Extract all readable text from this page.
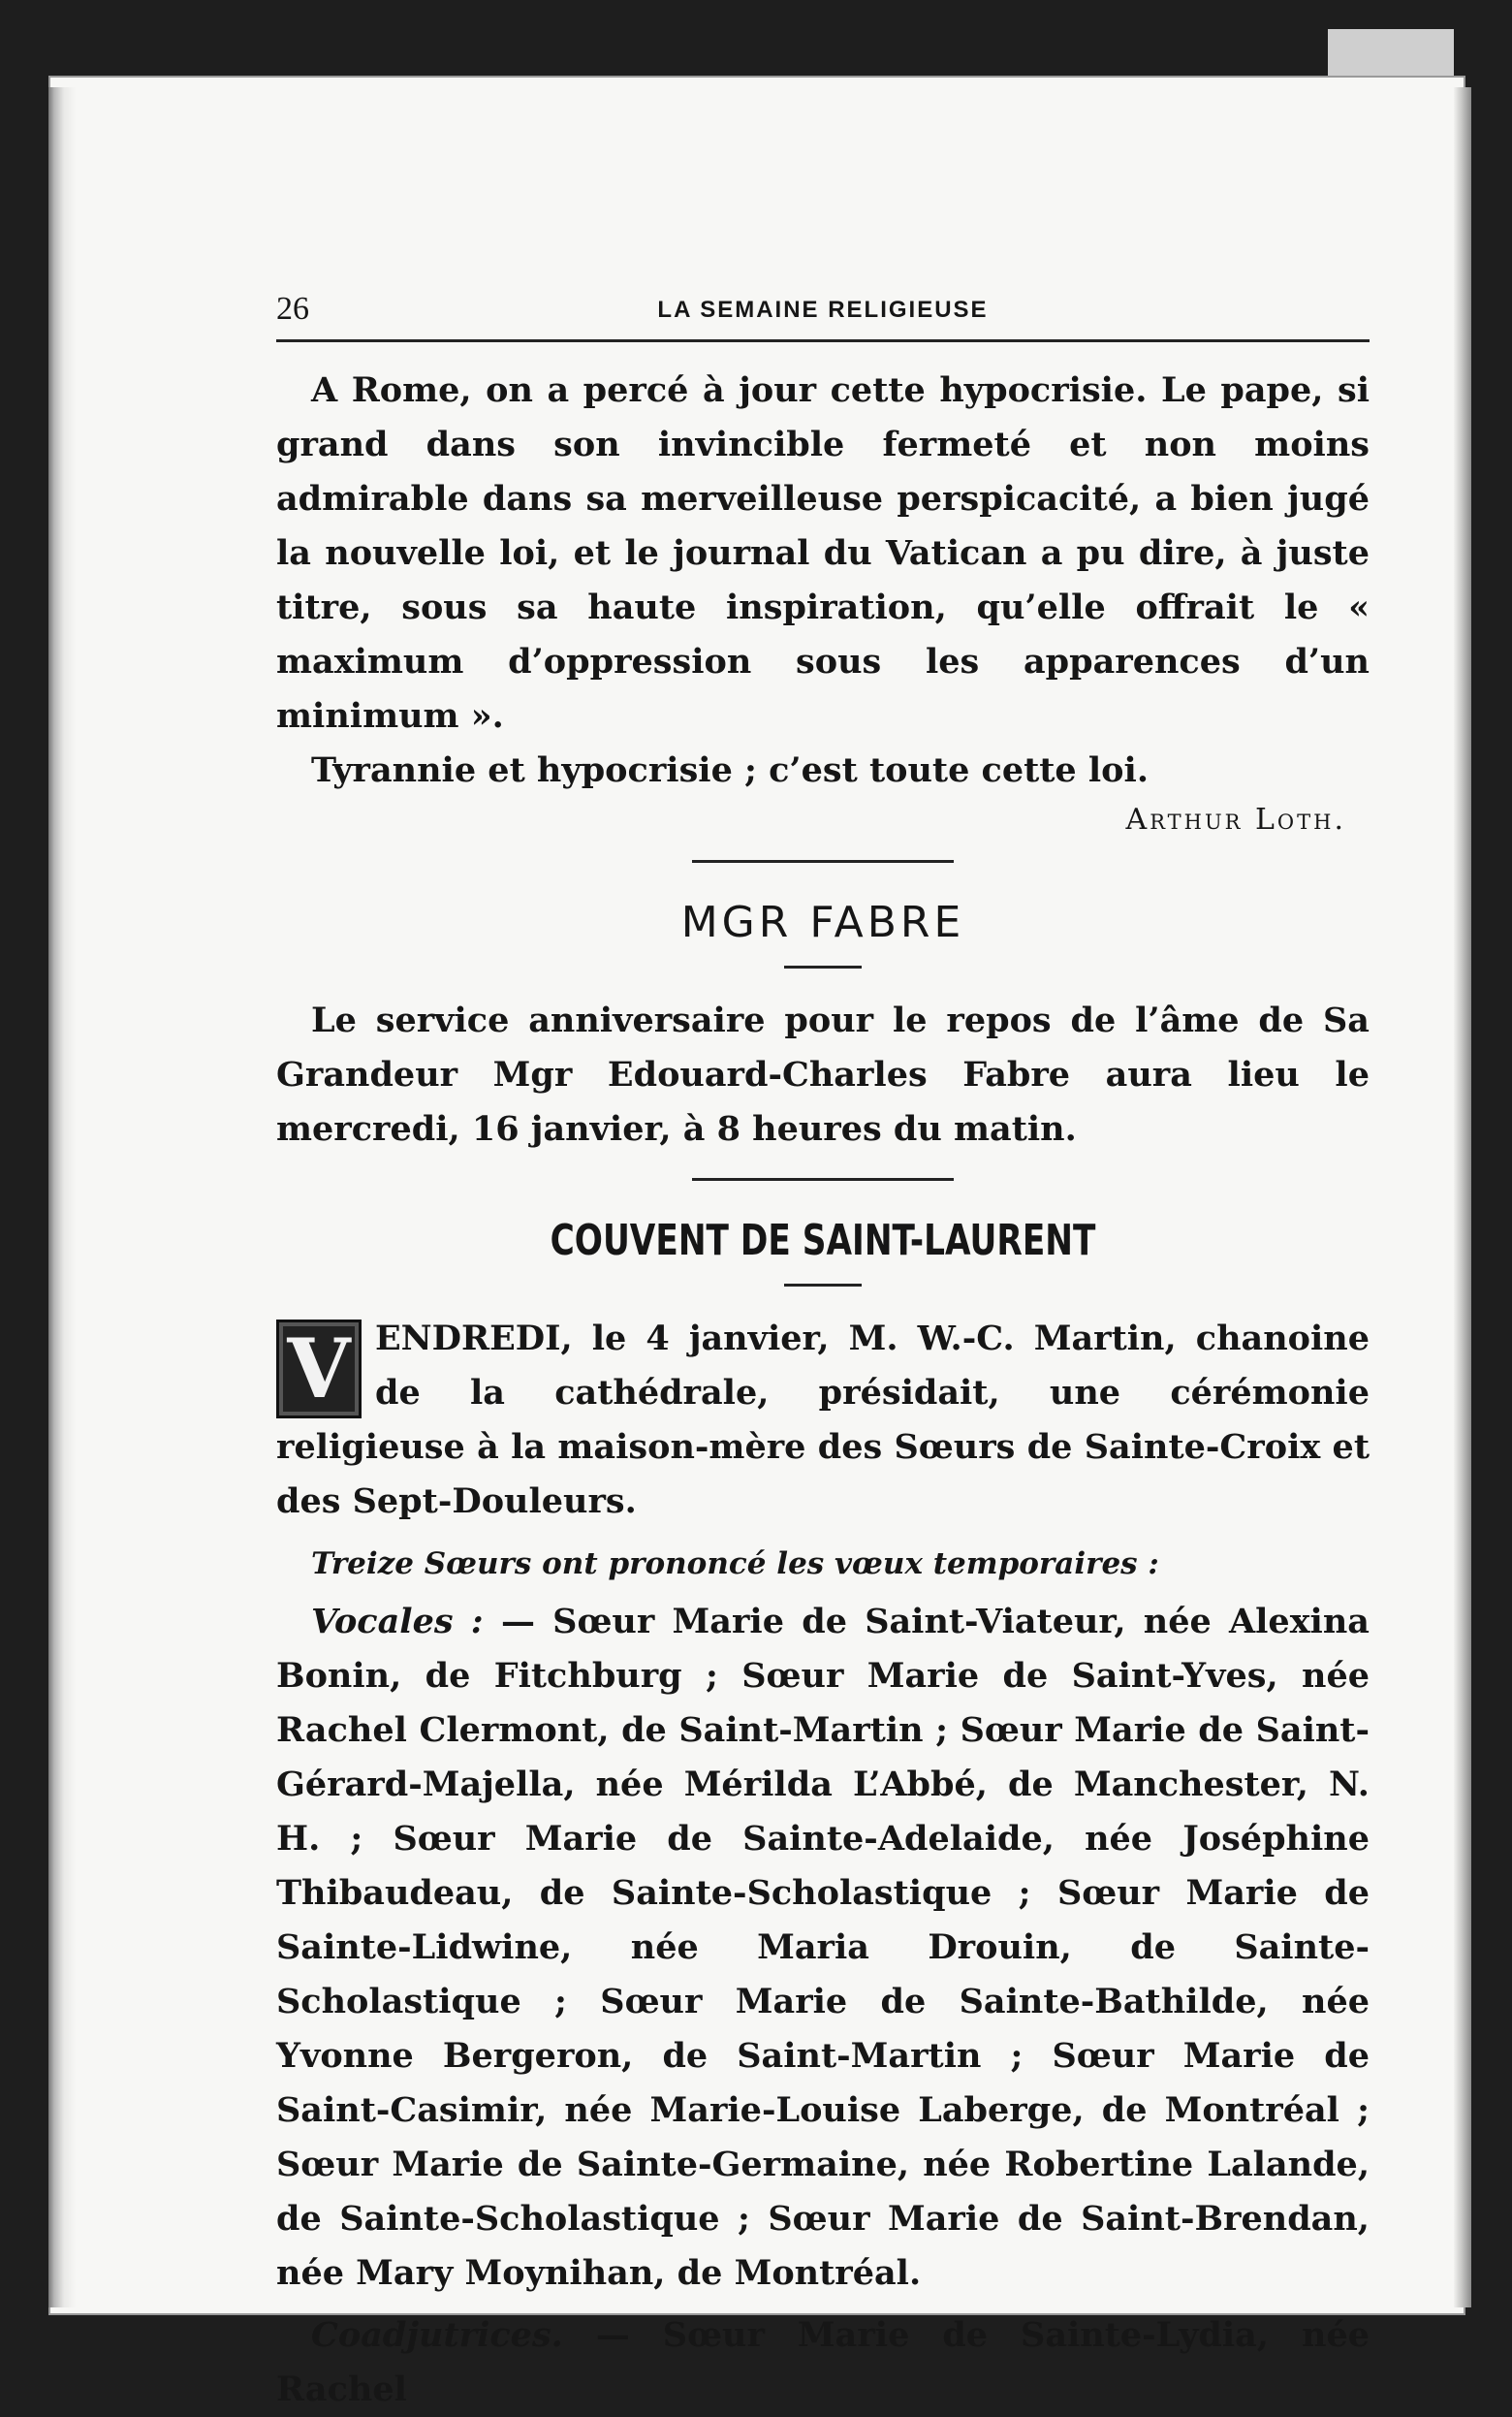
26	LA SEMAINE RELIGIEUSE

A Rome, on a percé à jour cette hypocrisie. Le pape, si grand dans son invincible fermeté et non moins admirable dans sa merveilleuse perspicacité, a bien jugé la nouvelle loi, et le journal du Vatican a pu dire, à juste titre, sous sa haute inspiration, qu’elle offrait le « maximum d’oppression sous les apparences d’un minimum ».

Tyrannie et hypocrisie ; c’est toute cette loi.

Arthur Loth.

MGR FABRE

Le service anniversaire pour le repos de l’âme de Sa Grandeur Mgr Edouard-Charles Fabre aura lieu le mercredi, 16 janvier, à 8 heures du matin.

COUVENT DE SAINT-LAURENT

V ENDREDI, le 4 janvier, M. W.-C. Martin, chanoine de la cathédrale, présidait, une cérémonie religieuse à la maison-mère des Sœurs de Sainte-Croix et des Sept-Douleurs.

Treize Sœurs ont prononcé les vœux temporaires :

Vocales : — Sœur Marie de Saint-Viateur, née Alexina Bonin, de Fitchburg ; Sœur Marie de Saint-Yves, née Rachel Clermont, de Saint-Martin ; Sœur Marie de Saint-Gérard-Majella, née Mérilda L’Abbé, de Manchester, N. H. ; Sœur Marie de Sainte-Adelaide, née Joséphine Thibaudeau, de Sainte-Scholastique ; Sœur Marie de Sainte-Lidwine, née Maria Drouin, de Sainte-Scholastique ; Sœur Marie de Sainte-Bathilde, née Yvonne Bergeron, de Saint-Martin ; Sœur Marie de Saint-Casimir, née Marie-Louise Laberge, de Montréal ; Sœur Marie de Sainte-Germaine, née Robertine Lalande, de Sainte-Scholastique ; Sœur Marie de Saint-Brendan, née Mary Moynihan, de Montréal.

Coadjutrices. — Sœur Marie de Sainte-Lydia, née Rachel
